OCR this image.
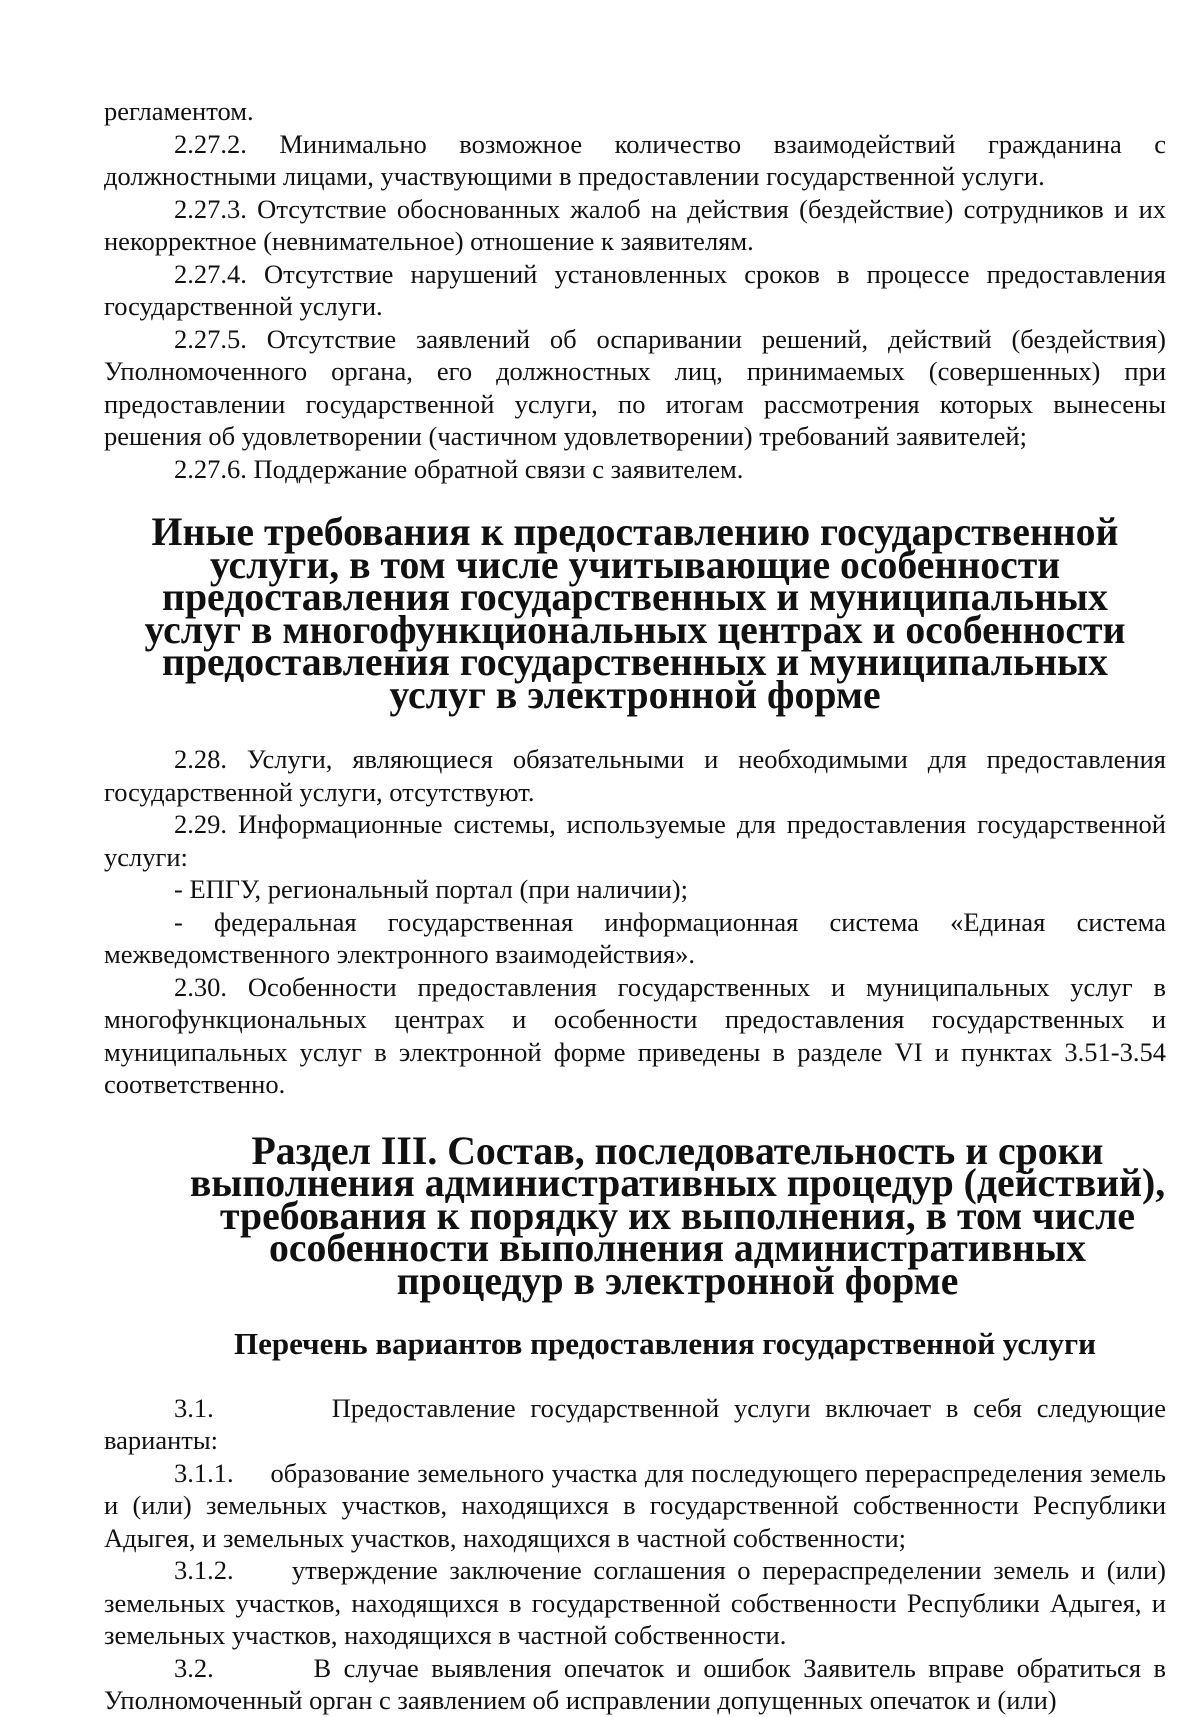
регламентом.

2.27.2. Минимально возможное количество взаимодействий гражданина с должностными лицами, участвующими в предоставлении государственной услуги.

2.27.3. Отсутствие обоснованных жалоб на действия (бездействие) сотрудников и их некорректное (невнимательное) отношение к заявителям.

2.27.4. Отсутствие нарушений установленных сроков в процессе предоставления государственной услуги.

2.27.5. Отсутствие заявлений об оспаривании решений, действий (бездействия) Уполномоченного органа, его должностных лиц, принимаемых (совершенных) при предоставлении государственной услуги, по итогам рассмотрения которых вынесены решения об удовлетворении (частичном удовлетворении) требований заявителей;

2.27.6. Поддержание обратной связи с заявителем.

Иные требования к предоставлению государственной услуги, в том числе учитывающие особенности предоставления государственных и муниципальных услуг в многофункциональных центрах и особенности предоставления государственных и муниципальных услуг в электронной форме

2.28. Услуги, являющиеся обязательными и необходимыми для предоставления государственной услуги, отсутствуют.

2.29. Информационные системы, используемые для предоставления государственной услуги:

- ЕПГУ, региональный портал (при наличии);

- федеральная государственная информационная система «Единая система межведомственного электронного взаимодействия».

2.30. Особенности предоставления государственных и муниципальных услуг в многофункциональных центрах и особенности предоставления государственных и муниципальных услуг в электронной форме приведены в разделе VI и пунктах 3.51-3.54 соответственно.

Раздел III. Состав, последовательность и сроки выполнения административных процедур (действий), требования к порядку их выполнения, в том числе особенности выполнения административных процедур в электронной форме
Перечень вариантов предоставления государственной услуги

3.1.        Предоставление государственной услуги включает в себя следующие варианты:

3.1.1.     образование земельного участка для последующего перераспределения земель и (или) земельных участков, находящихся в государственной собственности Республики Адыгея, и земельных участков, находящихся в частной собственности;

3.1.2.     утверждение заключение соглашения о перераспределении земель и (или) земельных участков, находящихся в государственной собственности Республики Адыгея, и земельных участков, находящихся в частной собственности.

3.2.        В случае выявления опечаток и ошибок Заявитель вправе обратиться в Уполномоченный орган с заявлением об исправлении допущенных опечаток и (или)
